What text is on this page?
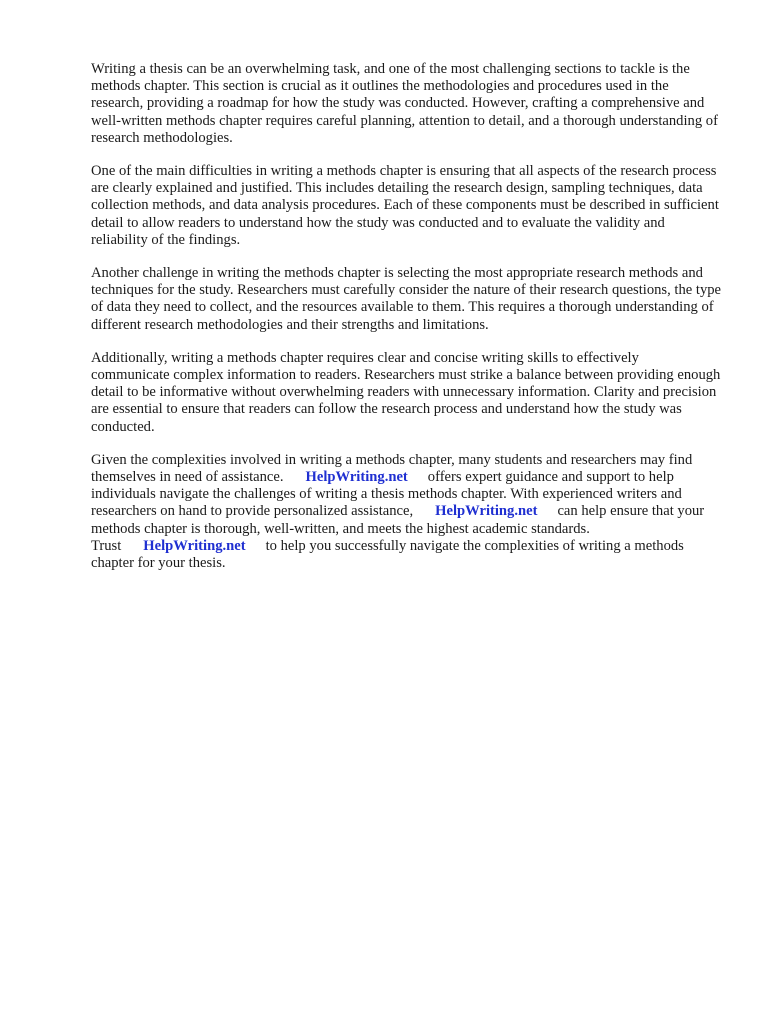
Writing a thesis can be an overwhelming task, and one of the most challenging sections to tackle is the methods chapter. This section is crucial as it outlines the methodologies and procedures used in the research, providing a roadmap for how the study was conducted. However, crafting a comprehensive and well-written methods chapter requires careful planning, attention to detail, and a thorough understanding of research methodologies.

One of the main difficulties in writing a methods chapter is ensuring that all aspects of the research process are clearly explained and justified. This includes detailing the research design, sampling techniques, data collection methods, and data analysis procedures. Each of these components must be described in sufficient detail to allow readers to understand how the study was conducted and to evaluate the validity and reliability of the findings.

Another challenge in writing the methods chapter is selecting the most appropriate research methods and techniques for the study. Researchers must carefully consider the nature of their research questions, the type of data they need to collect, and the resources available to them. This requires a thorough understanding of different research methodologies and their strengths and limitations.

Additionally, writing a methods chapter requires clear and concise writing skills to effectively communicate complex information to readers. Researchers must strike a balance between providing enough detail to be informative without overwhelming readers with unnecessary information. Clarity and precision are essential to ensure that readers can follow the research process and understand how the study was conducted.

Given the complexities involved in writing a methods chapter, many students and researchers may find themselves in need of assistance. HelpWriting.net offers expert guidance and support to help individuals navigate the challenges of writing a thesis methods chapter. With experienced writers and researchers on hand to provide personalized assistance, HelpWriting.net can help ensure that your methods chapter is thorough, well-written, and meets the highest academic standards. Trust HelpWriting.net to help you successfully navigate the complexities of writing a methods chapter for your thesis.
